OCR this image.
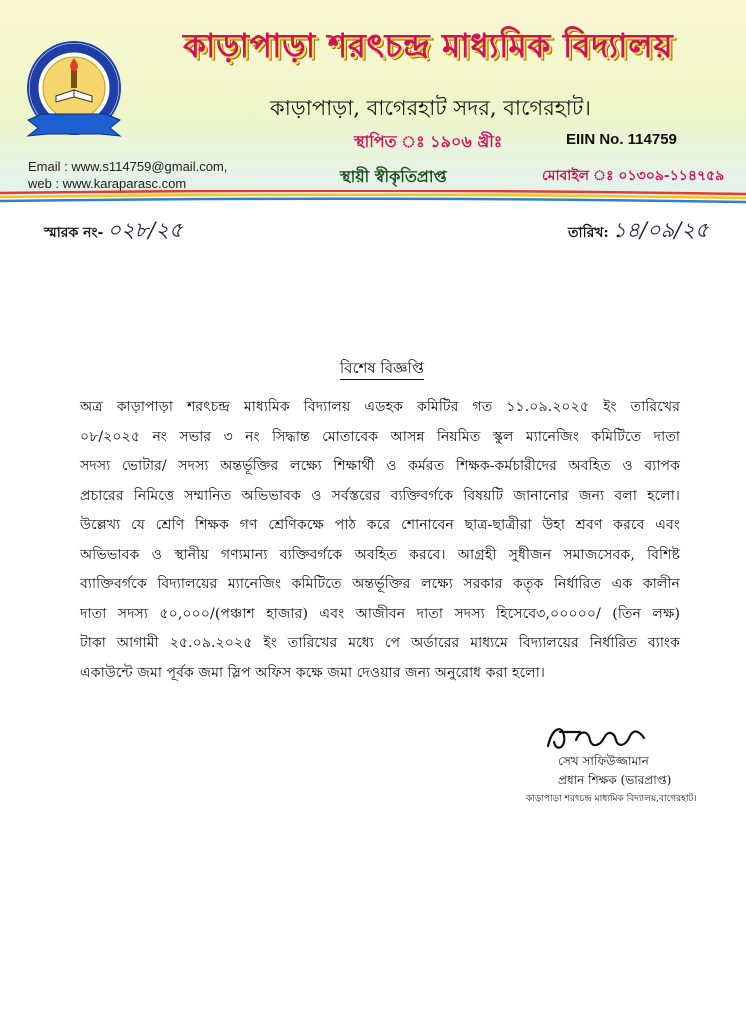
কাড়াপাড়া শরৎচন্দ্র মাধ্যমিক বিদ্যালয়
কাড়াপাড়া, বাগেরহাট সদর, বাগেরহাট।
স্থাপিত ঃ ১৯০৬ খ্রীঃ	EIIN No. 114759
স্থায়ী স্বীকৃতিপ্রাপ্ত	মোবাইল ঃ ০১৩০৯-১১৪৭৫৯
Email : www.s114759@gmail.com,
web : www.karaparasc.com
স্মারক নং- ০২৮/২৫	তারিখ: ১৪/০৯/২৫
বিশেষ বিজ্ঞপ্তি
অত্র কাড়াপাড়া শরৎচন্দ্র মাধ্যমিক বিদ্যালয় এডহক কমিটির গত ১১.০৯.২০২৫ ইং তারিখের
০৮/২০২৫ নং সভার ৩ নং সিদ্ধান্ত মোতাবেক আসন্ন নিয়মিত স্কুল ম্যানেজিং কমিটিতে দাতা
সদস্য ভোটার/ সদস্য অন্তর্ভূক্তির লক্ষ্যে শিক্ষার্থী ও কর্মরত শিক্ষক-কর্মচারীদের অবহিত ও ব্যাপক
প্রচারের নিমিত্তে সম্মানিত অভিভাবক ও সর্বস্তরের ব্যক্তিবর্গকে বিষয়টি জানানোর জন্য বলা হলো।
উল্লেখ্য যে শ্রেণি শিক্ষক গণ শ্রেণিকক্ষে পাঠ করে শোনাবেন ছাত্র-ছাত্রীরা উহা শ্রবণ করবে এবং
অভিভাবক ও স্থানীয় গণ্যমান্য ব্যক্তিবর্গকে অবহিত করবে। আগ্রহী সুধীজন সমাজসেবক, বিশিষ্ট
ব্যাক্তিবর্গকে বিদ্যালয়ের ম্যানেজিং কমিটিতে অন্তর্ভূক্তির লক্ষ্যে সরকার কতৃক নির্ধারিত এক কালীন
দাতা সদস্য ৫০,০০০/(পঞ্চাশ হাজার) এবং আজীবন দাতা সদস্য হিসেবে৩,০০০০০/ (তিন লক্ষ)
টাকা আগামী ২৫.০৯.২০২৫ ইং তারিখের মধ্যে পে অর্ডারের মাধ্যমে বিদ্যালয়ের নির্ধারিত ব্যাংক
একাউন্টে জমা পূর্বক জমা স্লিপ অফিস কক্ষে জমা দেওয়ার জন্য অনুরোধ করা হলো।
সেখ সাফিউজ্জামান
প্রধান শিক্ষক (ভারপ্রাপ্ত)
কাড়াপাড়া শরৎচন্দ্র মাধ্যমিক বিদ্যালয়,বাগেরহাট।
